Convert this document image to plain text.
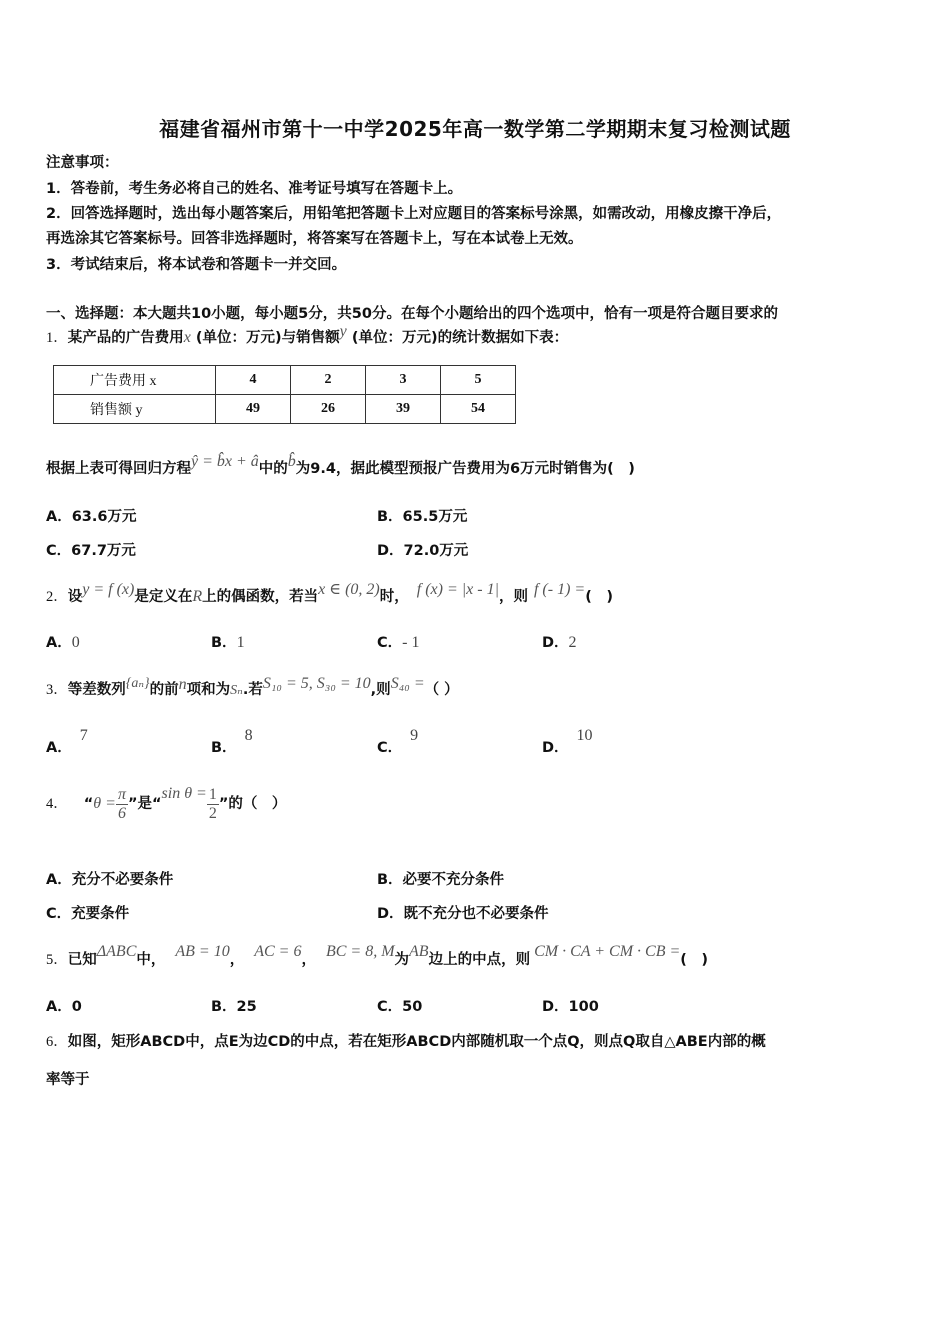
福建省福州市第十一中学2025年高一数学第二学期期末复习检测试题
注意事项：
1．答卷前，考生务必将自己的姓名、准考证号填写在答题卡上。
2．回答选择题时，选出每小题答案后，用铅笔把答题卡上对应题目的答案标号涂黑，如需改动，用橡皮擦干净后，
再选涂其它答案标号。回答非选择题时，将答案写在答题卡上，写在本试卷上无效。
3．考试结束后，将本试卷和答题卡一并交回。
一、选择题：本大题共10小题，每小题5分，共50分。在每个小题给出的四个选项中，恰有一项是符合题目要求的
1．某产品的广告费用x (单位：万元)与销售额y (单位：万元)的统计数据如下表：
广告费用 x	4	2	3	5
销售额 y	49	26	39	54
根据上表可得回归方程ŷ = b̂x + â中的b̂为9.4，据此模型预报广告费用为6万元时销售为(　)
A．63.6万元	B．65.5万元
C．67.7万元	D．72.0万元
2．设y = f (x)是定义在R上的偶函数，若当x ∈ (0, 2)时， f (x) = |x - 1|，则 f (- 1) =(　)
A．0	B．1	C．- 1	D．2
3．等差数列{aₙ}的前n项和为Sₙ.若S₁₀ = 5, S₃₀ = 10,则S₄₀ =（ ）
A．7
B．8
C．9
D．10
4． “$\theta = \frac{\pi}{6}$ ”是“sin $\theta = \frac{1}{2}$ ”的（　）
A．充分不必要条件	B．必要不充分条件
C．充要条件	D．既不充分也不必要条件
5．已知ΔABC中， AB = 10， AC = 6， BC = 8, M为AB边上的中点，则 CM · CA + CM · CB =(　)
A．0	B．25	C．50	D．100
6．如图，矩形ABCD中，点E为边CD的中点，若在矩形ABCD内部随机取一个点Q，则点Q取自△ABE内部的概
率等于
